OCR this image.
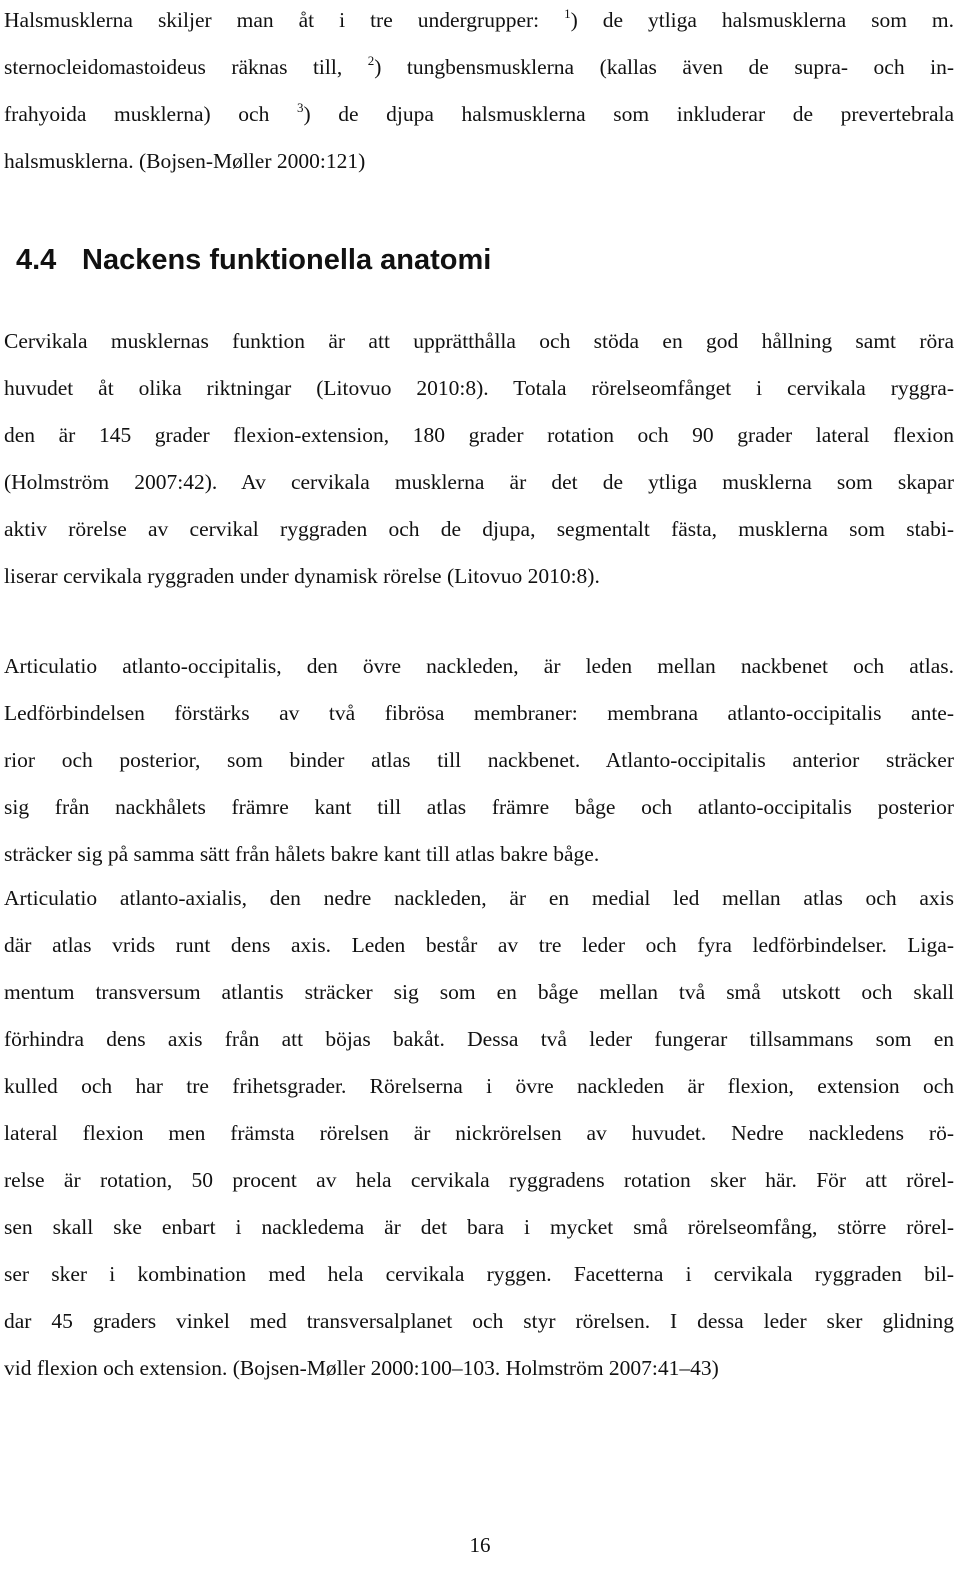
Halsmusklerna skiljer man åt i tre undergrupper: $^1$) de ytliga halsmusklerna som m.
sternocleidomastoideus räknas till, $^2$) tungbensmusklerna (kallas även de supra- och in-
frahyoida musklerna) och $^3$) de djupa halsmusklerna som inkluderar de prevertebrala
halsmusklerna. (Bojsen-Møller 2000:121)
4.4 Nackens funktionella anatomi
Cervikala musklernas funktion är att upprätthålla och stöda en god hållning samt röra
huvudet åt olika riktningar (Litovuo 2010:8). Totala rörelseomfånget i cervikala ryggra-
den är 145 grader flexion-extension, 180 grader rotation och 90 grader lateral flexion
(Holmström 2007:42). Av cervikala musklerna är det de ytliga musklerna som skapar
aktiv rörelse av cervikal ryggraden och de djupa, segmentalt fästa, musklerna som stabi-
liserar cervikala ryggraden under dynamisk rörelse (Litovuo 2010:8).
Articulatio atlanto-occipitalis, den övre nackleden, är leden mellan nackbenet och atlas.
Ledförbindelsen förstärks av två fibrösa membraner: membrana atlanto-occipitalis ante-
rior och posterior, som binder atlas till nackbenet. Atlanto-occipitalis anterior sträcker
sig från nackhålets främre kant till atlas främre båge och atlanto-occipitalis posterior
sträcker sig på samma sätt från hålets bakre kant till atlas bakre båge.
Articulatio atlanto-axialis, den nedre nackleden, är en medial led mellan atlas och axis
där atlas vrids runt dens axis. Leden består av tre leder och fyra ledförbindelser. Liga-
mentum transversum atlantis sträcker sig som en båge mellan två små utskott och skall
förhindra dens axis från att böjas bakåt. Dessa två leder fungerar tillsammans som en
kulled och har tre frihetsgrader. Rörelserna i övre nackleden är flexion, extension och
lateral flexion men främsta rörelsen är nickrörelsen av huvudet. Nedre nackledens rö-
relse är rotation, 50 procent av hela cervikala ryggradens rotation sker här. För att rörel-
sen skall ske enbart i nackledema är det bara i mycket små rörelseomfång, större rörel-
ser sker i kombination med hela cervikala ryggen. Facetterna i cervikala ryggraden bil-
dar 45 graders vinkel med transversalplanet och styr rörelsen. I dessa leder sker glidning
vid flexion och extension. (Bojsen-Møller 2000:100–103. Holmström 2007:41–43)
16
